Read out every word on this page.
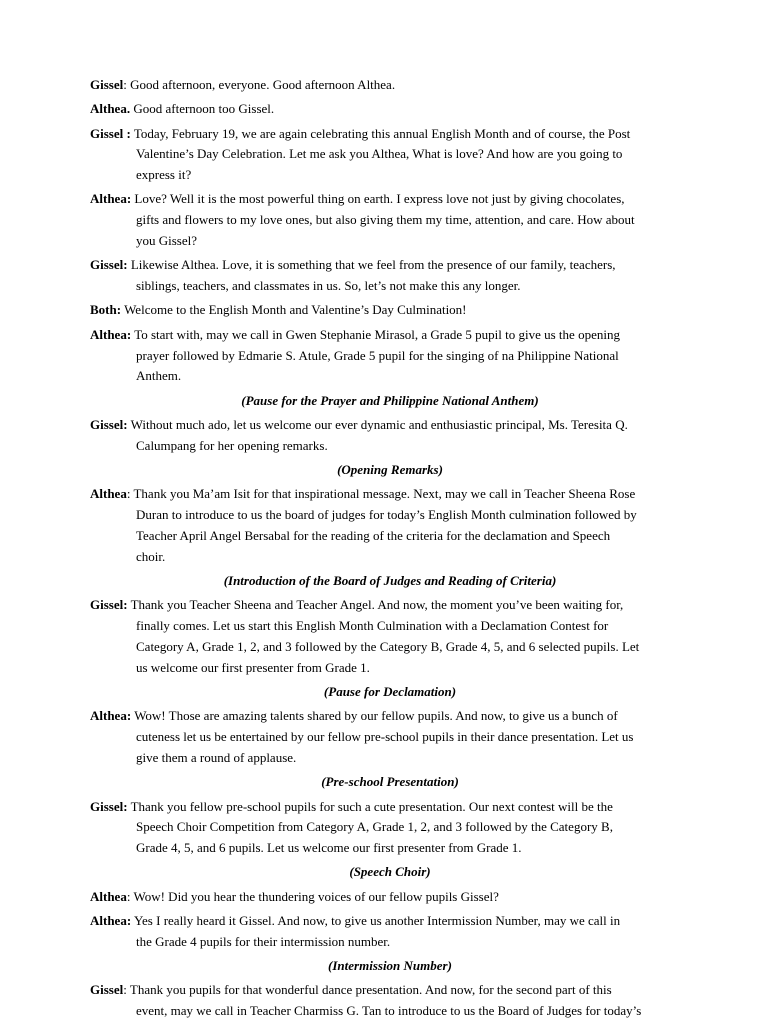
Gissel: Good afternoon, everyone. Good afternoon Althea.
Althea. Good afternoon too Gissel.
Gissel : Today, February 19, we are again celebrating this annual English Month and of course, the Post
Valentine’s Day Celebration. Let me ask you Althea, What is love? And how are you going to
express it?
Althea: Love? Well it is the most powerful thing on earth. I express love not just by giving chocolates,
gifts and flowers to my love ones, but also giving them my time, attention, and care. How about
you Gissel?
Gissel: Likewise Althea. Love, it is something that we feel from the presence of our family, teachers,
siblings, teachers, and classmates in us. So, let’s not make this any longer.
Both: Welcome to the English Month and Valentine’s Day Culmination!
Althea: To start with, may we call in Gwen Stephanie Mirasol, a Grade 5 pupil to give us the opening
prayer followed by Edmarie S. Atule, Grade 5 pupil for the singing of na Philippine National
Anthem.
(Pause for the Prayer and Philippine National Anthem)
Gissel: Without much ado, let us welcome our ever dynamic and enthusiastic principal, Ms. Teresita Q.
Calumpang for her opening remarks.
(Opening Remarks)
Althea: Thank you Ma’am Isit for that inspirational message. Next, may we call in Teacher Sheena Rose
Duran to introduce to us the board of judges for today’s English Month culmination followed by
Teacher April Angel Bersabal for the reading of the criteria for the declamation and Speech
choir.
(Introduction of the Board of Judges and Reading of Criteria)
Gissel: Thank you Teacher Sheena and Teacher Angel. And now, the moment you’ve been waiting for,
finally comes. Let us start this English Month Culmination with a Declamation Contest for
Category A, Grade 1, 2, and 3 followed by the Category B, Grade 4, 5, and 6 selected pupils. Let
us welcome our first presenter from Grade 1.
(Pause for Declamation)
Althea: Wow! Those are amazing talents shared by our fellow pupils. And now, to give us a bunch of
cuteness let us be entertained by our fellow pre-school pupils in their dance presentation. Let us
give them a round of applause.
(Pre-school Presentation)
Gissel: Thank you fellow pre-school pupils for such a cute presentation. Our next contest will be the
Speech Choir Competition from Category A, Grade 1, 2, and 3 followed by the Category B,
Grade 4, 5, and 6 pupils. Let us welcome our first presenter from Grade 1.
(Speech Choir)
Althea: Wow! Did you hear the thundering voices of our fellow pupils Gissel?
Althea: Yes I really heard it Gissel. And now, to give us another Intermission Number, may we call in
the Grade 4 pupils for their intermission number.
(Intermission Number)
Gissel: Thank you pupils for that wonderful dance presentation. And now, for the second part of this
event, may we call in Teacher Charmiss G. Tan to introduce to us the Board of Judges for today’s
